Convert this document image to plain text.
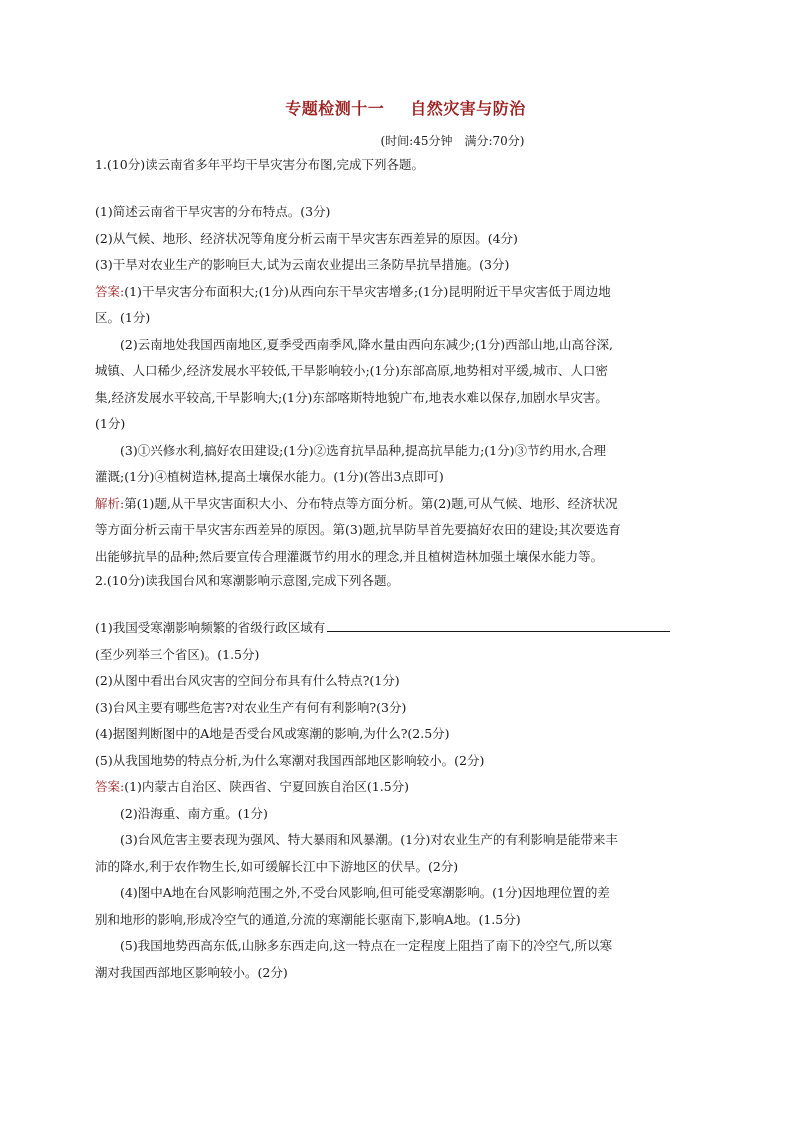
专题检测十一 自然灾害与防治
(时间:45分钟　满分:70分)

1.(10分)读云南省多年平均干旱灾害分布图,完成下列各题。

(1)简述云南省干旱灾害的分布特点。(3分)

(2)从气候、地形、经济状况等角度分析云南干旱灾害东西差异的原因。(4分)

(3)干旱对农业生产的影响巨大,试为云南农业提出三条防旱抗旱措施。(3分)

答案:(1)干旱灾害分布面积大;(1分)从西向东干旱灾害增多;(1分)昆明附近干旱灾害低于周边地

区。(1分)

(2)云南地处我国西南地区,夏季受西南季风,降水量由西向东减少;(1分)西部山地,山高谷深,

城镇、人口稀少,经济发展水平较低,干旱影响较小;(1分)东部高原,地势相对平缓,城市、人口密

集,经济发展水平较高,干旱影响大;(1分)东部喀斯特地貌广布,地表水难以保存,加剧水旱灾害。

(1分)

(3)①兴修水利,搞好农田建设;(1分)②选育抗旱品种,提高抗旱能力;(1分)③节约用水,合理

灌溉;(1分)④植树造林,提高土壤保水能力。(1分)(答出3点即可)

解析:第(1)题,从干旱灾害面积大小、分布特点等方面分析。第(2)题,可从气候、地形、经济状况

等方面分析云南干旱灾害东西差异的原因。第(3)题,抗旱防旱首先要搞好农田的建设;其次要选育

出能够抗旱的品种;然后要宣传合理灌溉节约用水的理念,并且植树造林加强土壤保水能力等。

2.(10分)读我国台风和寒潮影响示意图,完成下列各题。

(1)我国受寒潮影响频繁的省级行政区域有

(至少列举三个省区)。(1.5分)

(2)从图中看出台风灾害的空间分布具有什么特点?(1分)

(3)台风主要有哪些危害?对农业生产有何有利影响?(3分)

(4)据图判断图中的A地是否受台风或寒潮的影响,为什么?(2.5分)

(5)从我国地势的特点分析,为什么寒潮对我国西部地区影响较小。(2分)

答案:(1)内蒙古自治区、陕西省、宁夏回族自治区(1.5分)

(2)沿海重、南方重。(1分)

(3)台风危害主要表现为强风、特大暴雨和风暴潮。(1分)对农业生产的有利影响是能带来丰

沛的降水,利于农作物生长,如可缓解长江中下游地区的伏旱。(2分)

(4)图中A地在台风影响范围之外,不受台风影响,但可能受寒潮影响。(1分)因地理位置的差

别和地形的影响,形成冷空气的通道,分流的寒潮能长驱南下,影响A地。(1.5分)

(5)我国地势西高东低,山脉多东西走向,这一特点在一定程度上阻挡了南下的冷空气,所以寒

潮对我国西部地区影响较小。(2分)
